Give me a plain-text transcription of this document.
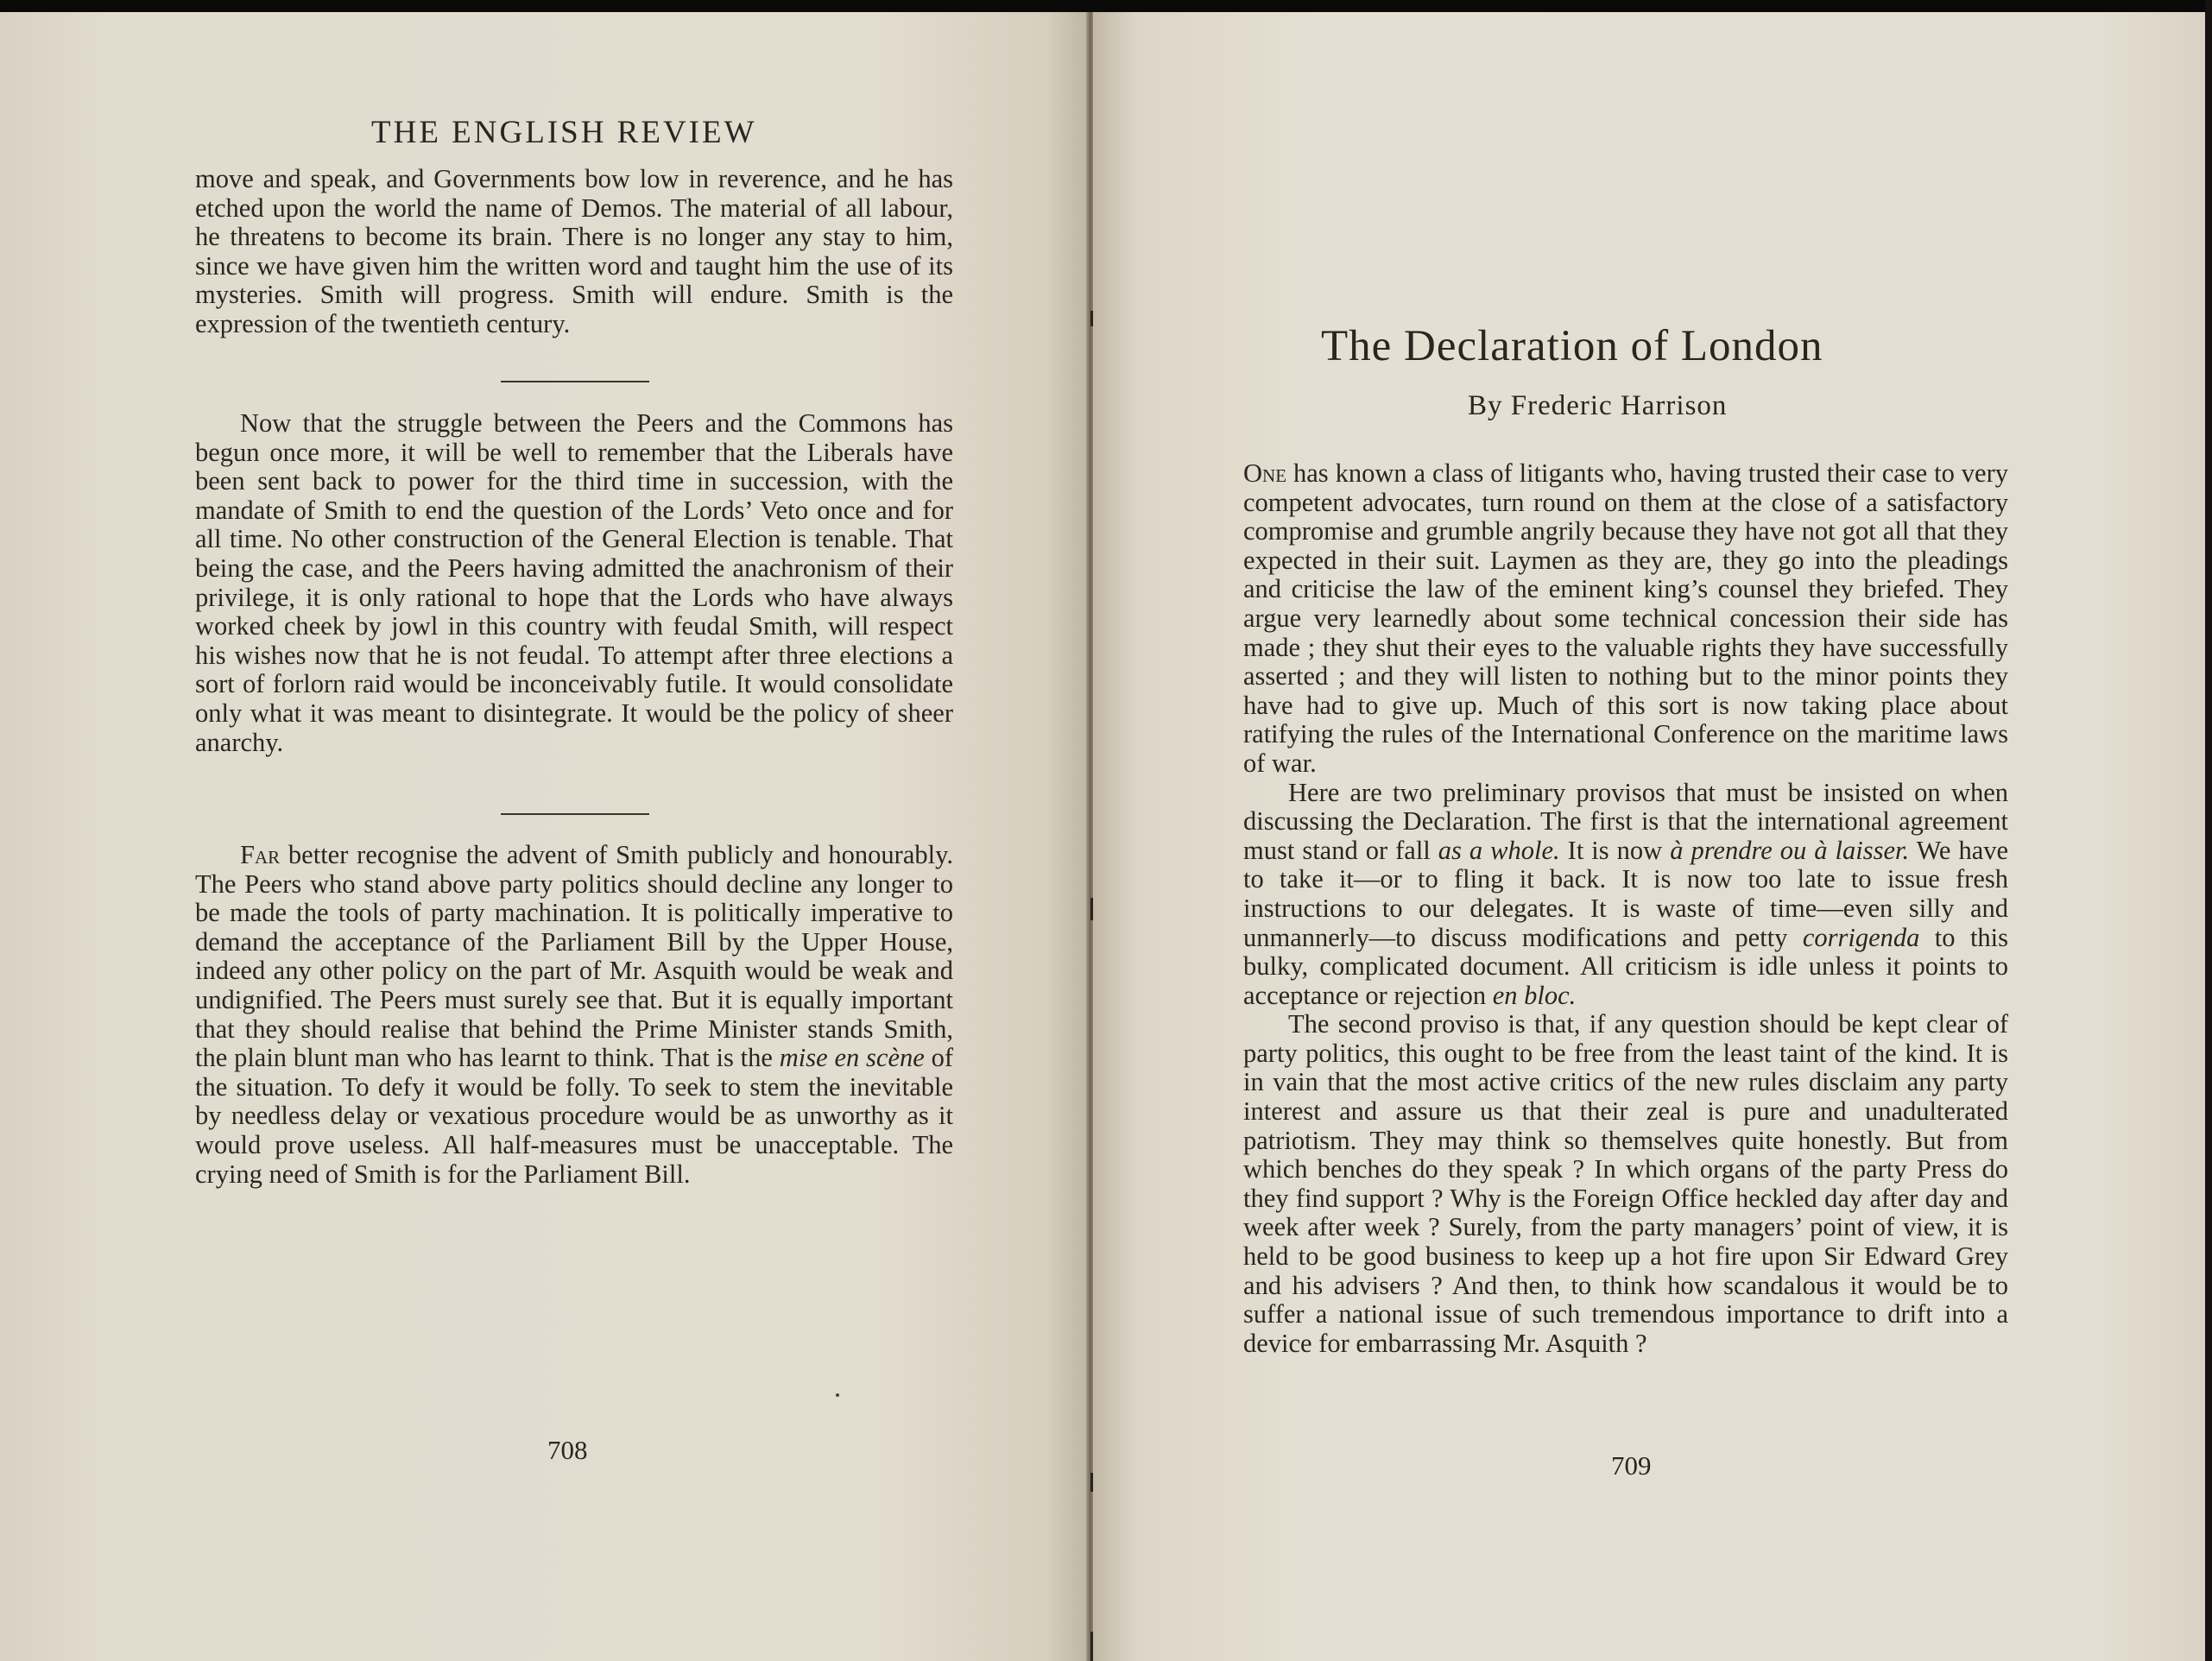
THE ENGLISH REVIEW

move and speak, and Governments bow low in reverence, and he has etched upon the world the name of Demos. The material of all labour, he threatens to become its brain. There is no longer any stay to him, since we have given him the written word and taught him the use of its mysteries. Smith will progress. Smith will endure. Smith is the expression of the twentieth century.

Now that the struggle between the Peers and the Commons has begun once more, it will be well to remember that the Liberals have been sent back to power for the third time in succession, with the mandate of Smith to end the question of the Lords’ Veto once and for all time. No other construction of the General Election is tenable. That being the case, and the Peers having admitted the anachronism of their privilege, it is only rational to hope that the Lords who have always worked cheek by jowl in this country with feudal Smith, will respect his wishes now that he is not feudal. To attempt after three elections a sort of forlorn raid would be inconceivably futile. It would consolidate only what it was meant to disintegrate. It would be the policy of sheer anarchy.

Far better recognise the advent of Smith publicly and honourably. The Peers who stand above party politics should decline any longer to be made the tools of party machination. It is politically imperative to demand the acceptance of the Parliament Bill by the Upper House, indeed any other policy on the part of Mr. Asquith would be weak and undignified. The Peers must surely see that. But it is equally important that they should realise that behind the Prime Minister stands Smith, the plain blunt man who has learnt to think. That is the mise en scène of the situation. To defy it would be folly. To seek to stem the inevitable by needless delay or vexatious procedure would be as unworthy as it would prove useless. All half-measures must be unacceptable. The crying need of Smith is for the Parliament Bill.

708
The Declaration of London
By Frederic Harrison

One has known a class of litigants who, having trusted their case to very competent advocates, turn round on them at the close of a satisfactory compromise and grumble angrily because they have not got all that they expected in their suit. Laymen as they are, they go into the pleadings and criticise the law of the eminent king’s counsel they briefed. They argue very learnedly about some technical concession their side has made ; they shut their eyes to the valuable rights they have successfully asserted ; and they will listen to nothing but to the minor points they have had to give up. Much of this sort is now taking place about ratifying the rules of the International Conference on the maritime laws of war.

Here are two preliminary provisos that must be insisted on when discussing the Declaration. The first is that the international agreement must stand or fall as a whole. It is now à prendre ou à laisser. We have to take it—or to fling it back. It is now too late to issue fresh instructions to our delegates. It is waste of time—even silly and unmannerly—to discuss modifications and petty corrigenda to this bulky, complicated document. All criticism is idle unless it points to acceptance or rejection en bloc.

The second proviso is that, if any question should be kept clear of party politics, this ought to be free from the least taint of the kind. It is in vain that the most active critics of the new rules disclaim any party interest and assure us that their zeal is pure and unadulterated patriotism. They may think so themselves quite honestly. But from which benches do they speak ? In which organs of the party Press do they find support ? Why is the Foreign Office heckled day after day and week after week ? Surely, from the party managers’ point of view, it is held to be good business to keep up a hot fire upon Sir Edward Grey and his advisers ? And then, to think how scandalous it would be to suffer a national issue of such tremendous importance to drift into a device for embarrassing Mr. Asquith ?

709
